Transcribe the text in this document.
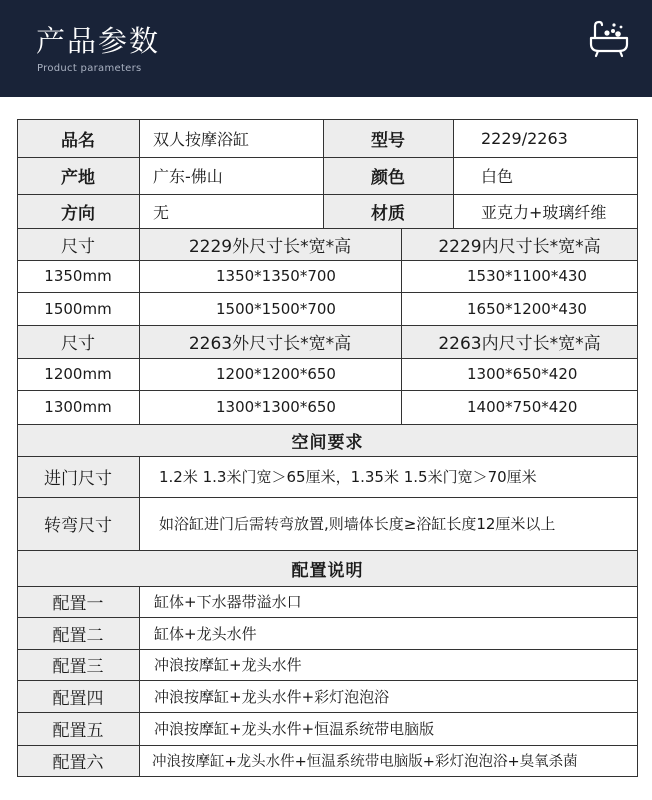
产品参数
Product parameters
品名	双人按摩浴缸	型号	2229/2263
产地	广东-佛山	颜色	白色
方向	无	材质	亚克力+玻璃纤维
尺寸	2229外尺寸长*宽*高	2229内尺寸长*宽*高
1350mm	1350*1350*700	1530*1100*430
1500mm	1500*1500*700	1650*1200*430
尺寸	2263外尺寸长*宽*高	2263内尺寸长*宽*高
1200mm	1200*1200*650	1300*650*420
1300mm	1300*1300*650	1400*750*420
空间要求
进门尺寸	1.2米 1.3米门宽＞65厘米，1.35米 1.5米门宽＞70厘米
转弯尺寸	如浴缸进门后需转弯放置,则墙体长度≥浴缸长度12厘米以上
配置说明
配置一	缸体+下水器带溢水口
配置二	缸体+龙头水件
配置三	冲浪按摩缸+龙头水件
配置四	冲浪按摩缸+龙头水件+彩灯泡泡浴
配置五	冲浪按摩缸+龙头水件+恒温系统带电脑版
配置六	冲浪按摩缸+龙头水件+恒温系统带电脑版+彩灯泡泡浴+臭氧杀菌
